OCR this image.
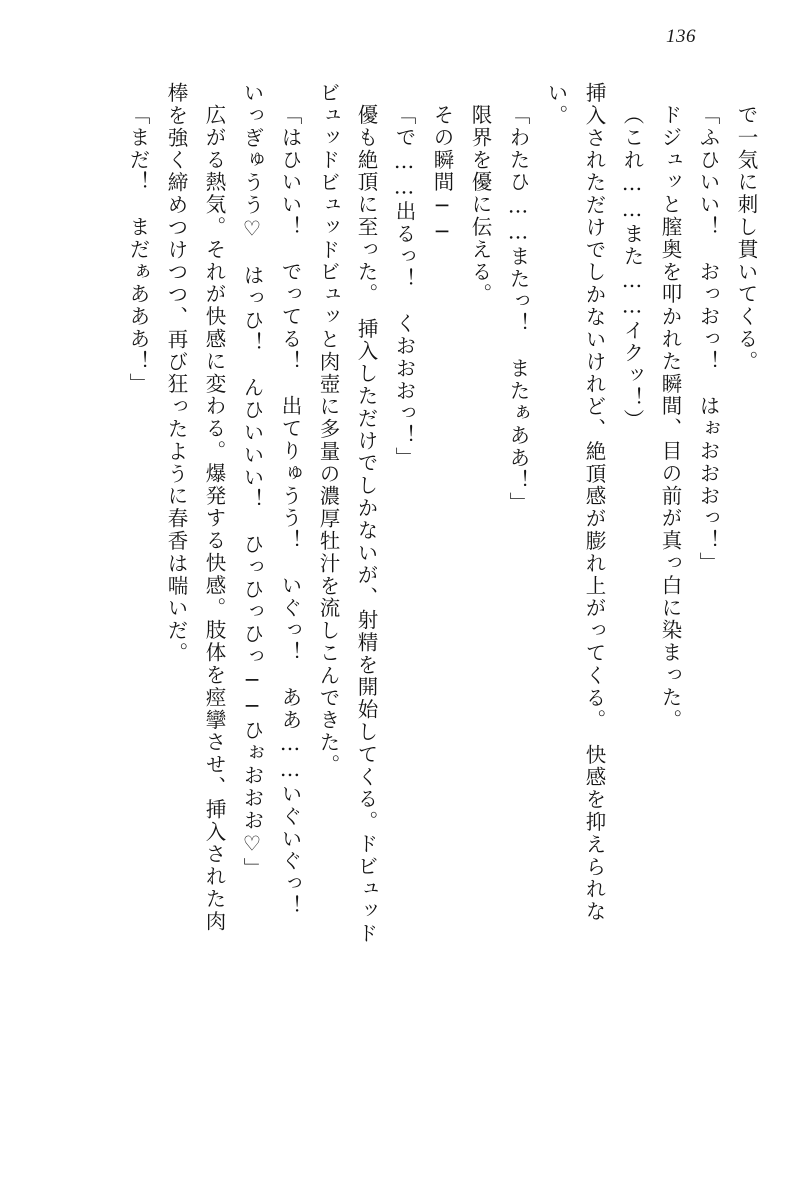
136
で一気に刺し貫いてくる。
「ふひいい！　おっおっ！　はぉおおおっ！」
ドジュッと膣奥を叩かれた瞬間、目の前が真っ白に染まった。
（これ……また……イクッ！）
挿入されただけでしかないけれど、絶頂感が膨れ上がってくる。　快感を抑えられな
い。
「わたひ……またっ！　またぁああ！」
限界を優に伝える。
その瞬間──
「で……出るっ！　くおおおっ！」
優も絶頂に至った。　挿入しただけでしかないが、射精を開始してくる。ドビュッド
ビュッドビュッドビュッと肉壺に多量の濃厚牡汁を流しこんできた。
「はひいい！　でってる！　出てりゅうう！　いぐっ！　ああ……いぐいぐっ！
いっぎゅうう♡　はっひ！　んひいいい！　ひっひっひっ──ひぉおおお♡」
広がる熱気。それが快感に変わる。爆発する快感。肢体を痙攣させ、挿入された肉
棒を強く締めつけつつ、再び狂ったように春香は喘いだ。
「まだ！　まだぁあああ！」
